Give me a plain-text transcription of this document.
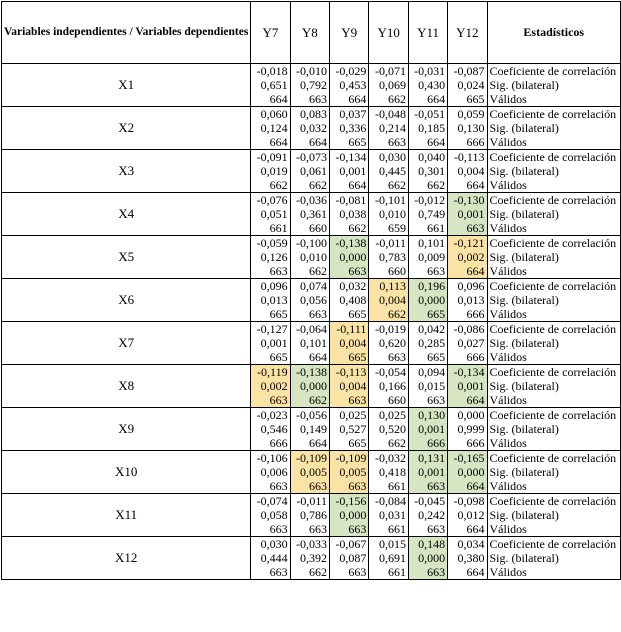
Variables independientes / Variables dependientes	Y7	Y8	Y9	Y10	Y11	Y12	Estadísticos
X1	-0,018	-0,010	-0,029	-0,071	-0,031	-0,087	Coeficiente de correlación
	0,651	0,792	0,453	0,069	0,430	0,024	Sig. (bilateral)
	664	663	664	662	664	665	Válidos
X2	0,060	0,083	0,037	-0,048	-0,051	0,059	Coeficiente de correlación
	0,124	0,032	0,336	0,214	0,185	0,130	Sig. (bilateral)
	664	664	665	663	664	666	Válidos
X3	-0,091	-0,073	-0,134	0,030	0,040	-0,113	Coeficiente de correlación
	0,019	0,061	0,001	0,445	0,301	0,004	Sig. (bilateral)
	662	662	664	662	662	664	Válidos
X4	-0,076	-0,036	-0,081	-0,101	-0,012	-0,130	Coeficiente de correlación
	0,051	0,361	0,038	0,010	0,749	0,001	Sig. (bilateral)
	661	660	662	659	661	663	Válidos
X5	-0,059	-0,100	-0,138	-0,011	0,101	-0,121	Coeficiente de correlación
	0,126	0,010	0,000	0,783	0,009	0,002	Sig. (bilateral)
	663	662	663	660	663	664	Válidos
X6	0,096	0,074	0,032	0,113	0,196	0,096	Coeficiente de correlación
	0,013	0,056	0,408	0,004	0,000	0,013	Sig. (bilateral)
	665	663	665	662	665	666	Válidos
X7	-0,127	-0,064	-0,111	-0,019	0,042	-0,086	Coeficiente de correlación
	0,001	0,101	0,004	0,620	0,285	0,027	Sig. (bilateral)
	665	664	665	663	665	666	Válidos
X8	-0,119	-0,138	-0,113	-0,054	0,094	-0,134	Coeficiente de correlación
	0,002	0,000	0,004	0,166	0,015	0,001	Sig. (bilateral)
	663	662	663	660	663	664	Válidos
X9	-0,023	-0,056	0,025	0,025	0,130	0,000	Coeficiente de correlación
	0,546	0,149	0,527	0,520	0,001	0,999	Sig. (bilateral)
	666	664	665	662	666	666	Válidos
X10	-0,106	-0,109	-0,109	-0,032	0,131	-0,165	Coeficiente de correlación
	0,006	0,005	0,005	0,418	0,001	0,000	Sig. (bilateral)
	663	663	663	661	663	664	Válidos
X11	-0,074	-0,011	-0,156	-0,084	-0,045	-0,098	Coeficiente de correlación
	0,058	0,786	0,000	0,031	0,242	0,012	Sig. (bilateral)
	663	663	663	661	663	664	Válidos
X12	0,030	-0,033	-0,067	0,015	0,148	0,034	Coeficiente de correlación
	0,444	0,392	0,087	0,691	0,000	0,380	Sig. (bilateral)
	663	662	663	661	663	664	Válidos
